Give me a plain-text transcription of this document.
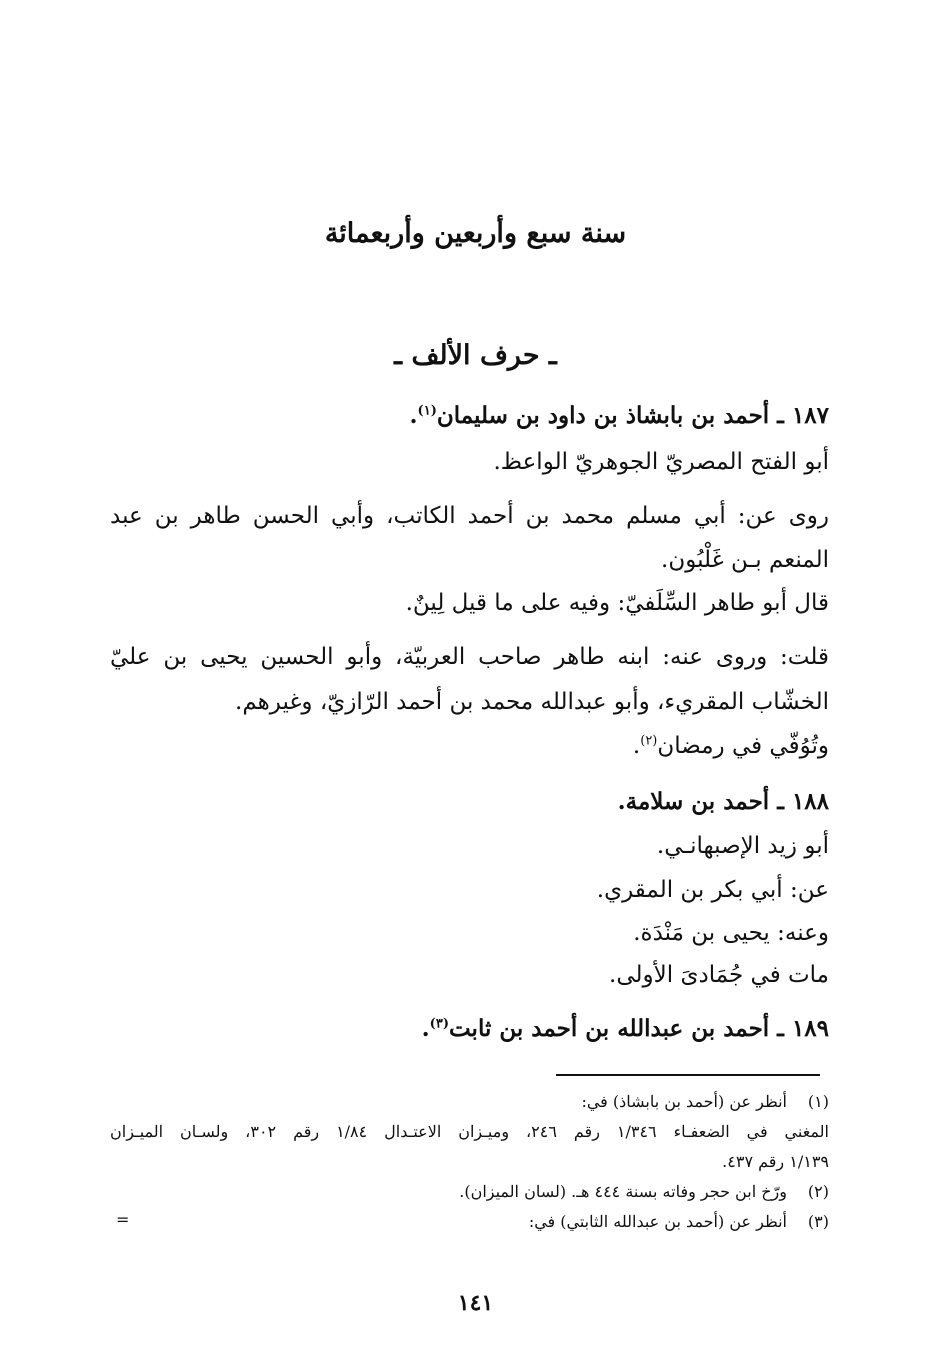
سنة سبع وأربعين وأربعمائة
ـ حرف الألف ـ
١٨٧ ـ أحمد بن بابشاذ بن داود بن سليمان$^{(١)}$.
أبو الفتح المصريّ الجوهريّ الواعظ.
روى عن: أبي مسلم محمد بن أحمد الكاتب، وأبي الحسن طاهر بن عبد
المنعم بـن غَلْبُون.
قال أبو طاهر السِّلَفيّ: وفيه على ما قيل لِينٌ.
قلت: وروى عنه: ابنه طاهر صاحب العربيّة، وأبو الحسين يحيى بن عليّ
الخشّاب المقريء، وأبو عبدالله محمد بن أحمد الرّازيّ، وغيرهم.
وتُوُفّي في رمضان$^{(٢)}$.
١٨٨ ـ أحمد بن سلامة.
أبو زيد الإصبهانـي.
عن: أبي بكر بن المقري.
وعنه: يحيى بن مَنْدَة.
مات في جُمَادىَ الأولى.
١٨٩ ـ أحمد بن عبدالله بن أحمد بن ثابت$^{(٣)}$.
(١)
أنظر عن (أحمد بن بابشاذ) في:
المغني في الضعفـاء ١/٣٤٦ رقم ٢٤٦، وميـزان الاعتـدال ١/٨٤ رقم ٣٠٢، ولسـان الميـزان
١/١٣٩ رقم ٤٣٧.
(٢)
ورّخ ابن حجر وفاته بسنة ٤٤٤ هـ. (لسان الميزان).
(٣)
أنظر عن (أحمد بن عبدالله الثابتي) في:
=
١٤١
